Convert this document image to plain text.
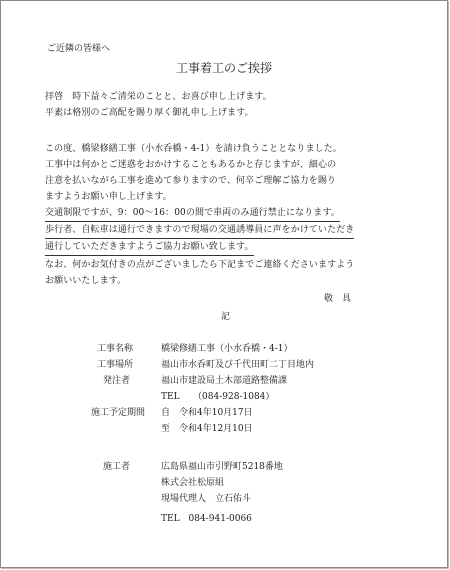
ご近隣の皆様へ
工事着工のご挨拶
拝啓　時下益々ご清栄のことと、お喜び申し上げます。
平素は格別のご高配を賜り厚く御礼申し上げます。
この度、橋梁修繕工事（小水呑橋・4-1）を請け負うこととなりました。
工事中は何かとご迷惑をおかけすることもあるかと存じますが、細心の
注意を払いながら工事を進めて参りますので、何卒ご理解ご協力を賜り
ますようお願い申し上げます。
交通制限ですが、9：00～16：00の間で車両のみ通行禁止になります。
歩行者、自転車は通行できますので現場の交通誘導員に声をかけていただき
通行していただきますようご協力お願い致します。
なお、何かお気付きの点がございましたら下記までご連絡くださいますよう
お願いいたします。
敬　具
記
工事名称	橋梁修繕工事（小水呑橋・4-1）
工事場所	福山市水呑町及び千代田町二丁目地内
発注者	福山市建設局土木部道路整備課
TEL　　（084-928-1084）
施工予定期間 自　令和4年10月17日
至　令和4年12月10日
施工者	広島県福山市引野町5218番地
株式会社松原組
現場代理人　立石佑斗
TEL　084-941-0066
